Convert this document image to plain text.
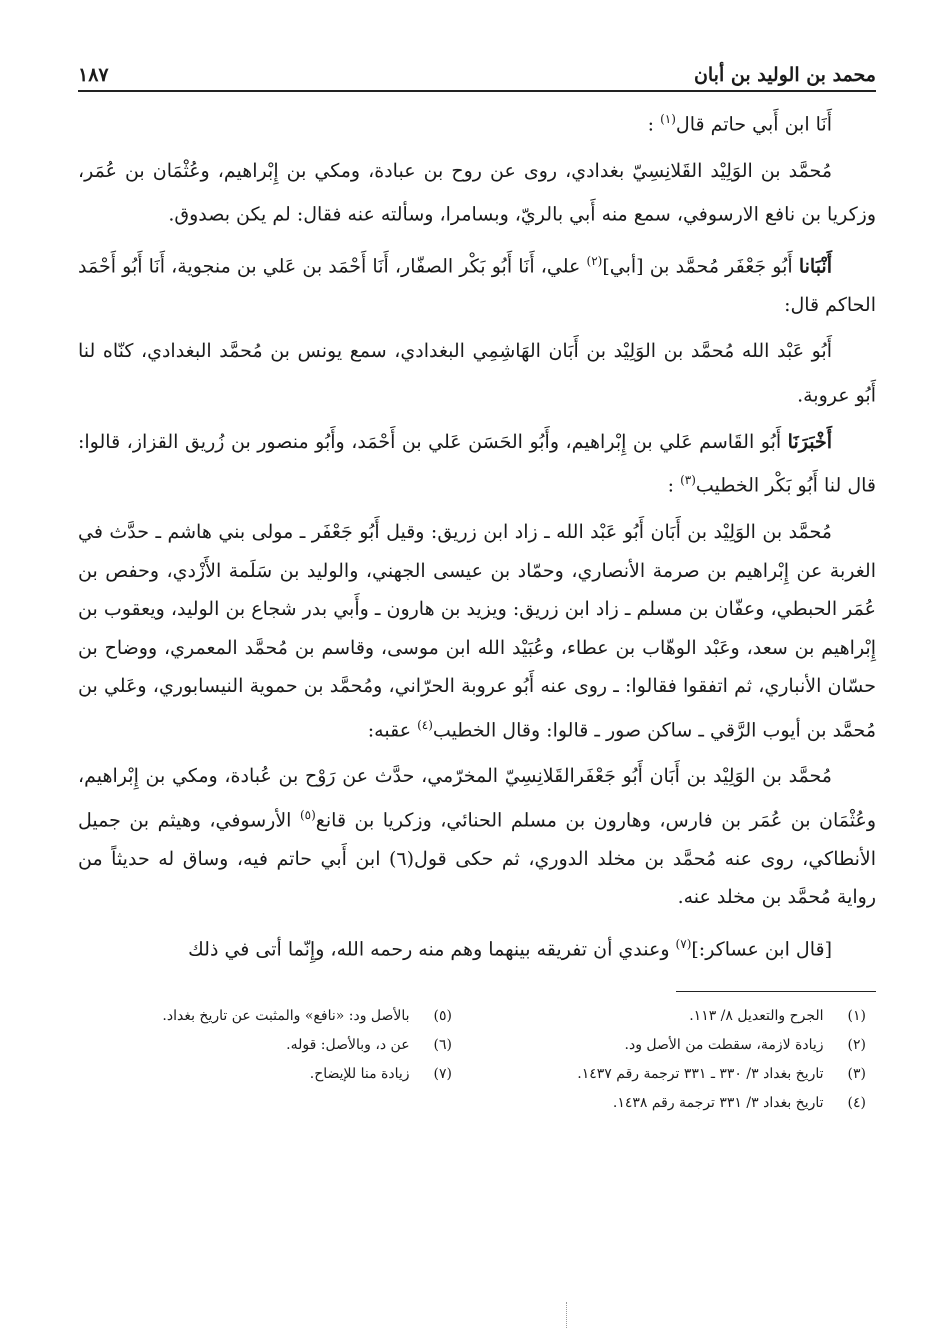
محمد بن الوليد بن أبان
١٨٧

أَنَا ابن أَبي حاتم قال$^{(١)}$ :

مُحمَّد بن الوَلِيْد القَلانِسِيّ بغدادي، روى عن روح بن عبادة، ومكي بن إِبْراهيم، وعُثْمَان بن عُمَر، وزكريا بن نافع الارسوفي، سمع منه أَبي بالريّ، وبسامرا، وسألته عنه فقال: لم يكن بصدوق.

أَنْبَانا أَبُو جَعْفَر مُحمَّد بن [أبي]$^{(٢)}$ علي، أَنَا أَبُو بَكْر الصفّار، أَنَا أَحْمَد بن عَلي بن منجوية، أَنَا أَبُو أَحْمَد الحاكم قال:

أَبُو عَبْد الله مُحمَّد بن الوَلِيْد بن أَبَان الهَاشِمِي البغدادي، سمع يونس بن مُحمَّد البغدادي، كنّاه لنا أَبُو عروبة.

أَخْبَرَنَا أَبُو القَاسم عَلي بن إِبْراهيم، وأَبُو الحَسَن عَلي بن أَحْمَد، وأَبُو منصور بن زُريق القزاز، قالوا: قال لنا أَبُو بَكْر الخطيب$^{(٣)}$ :

مُحمَّد بن الوَلِيْد بن أَبَان أَبُو عَبْد الله ـ زاد ابن زريق: وقيل أَبُو جَعْفَر ـ مولى بني هاشم ـ حدَّث في الغربة عن إِبْراهيم بن صرمة الأنصاري، وحمّاد بن عيسى الجهني، والوليد بن سَلَمة الأَزْدي، وحفص بن عُمَر الحبطي، وعفّان بن مسلم ـ زاد ابن زريق: ويزيد بن هارون ـ وأَبي بدر شجاع بن الوليد، ويعقوب بن إِبْراهيم بن سعد، وعَبْد الوهّاب بن عطاء، وعُبَيْد الله ابن موسى، وقاسم بن مُحمَّد المعمري، ووضاح بن حسّان الأنباري، ثم اتفقوا فقالوا: ـ روى عنه أَبُو عروبة الحرّاني، ومُحمَّد بن حموية النيسابوري، وعَلي بن مُحمَّد بن أيوب الرَّقي ـ ساكن صور ـ قالوا: وقال الخطيب$^{(٤)}$ عقبه:

مُحمَّد بن الوَلِيْد بن أَبَان أَبُو جَعْفَرالقَلانِسِيّ المخرّمي، حدَّث عن رَوْح بن عُبادة، ومكي بن إِبْراهيم، وعُثْمَان بن عُمَر بن فارس، وهارون بن مسلم الحنائي، وزكريا بن قانع$^{(٥)}$ الأرسوفي، وهيثم بن جميل الأنطاكي، روى عنه مُحمَّد بن مخلد الدوري، ثم حكى قول(٦) ابن أَبي حاتم فيه، وساق له حديثاً من رواية مُحمَّد بن مخلد عنه.

[قال ابن عساكر:]$^{(٧)}$ وعندي أن تفريقه بينهما وهم منه رحمه الله، وإِنّما أتى في ذلك

(١) الجرح والتعديل ٨/ ١١٣.
(٢) زيادة لازمة، سقطت من الأصل ود.
(٣) تاريخ بغداد ٣/ ٣٣٠ ـ ٣٣١ ترجمة رقم ١٤٣٧.
(٤) تاريخ بغداد ٣/ ٣٣١ ترجمة رقم ١٤٣٨.
(٥) بالأصل ود: «نافع» والمثبت عن تاريخ بغداد.
(٦) عن د، وبالأصل: قوله.
(٧) زيادة منا للإيضاح.
